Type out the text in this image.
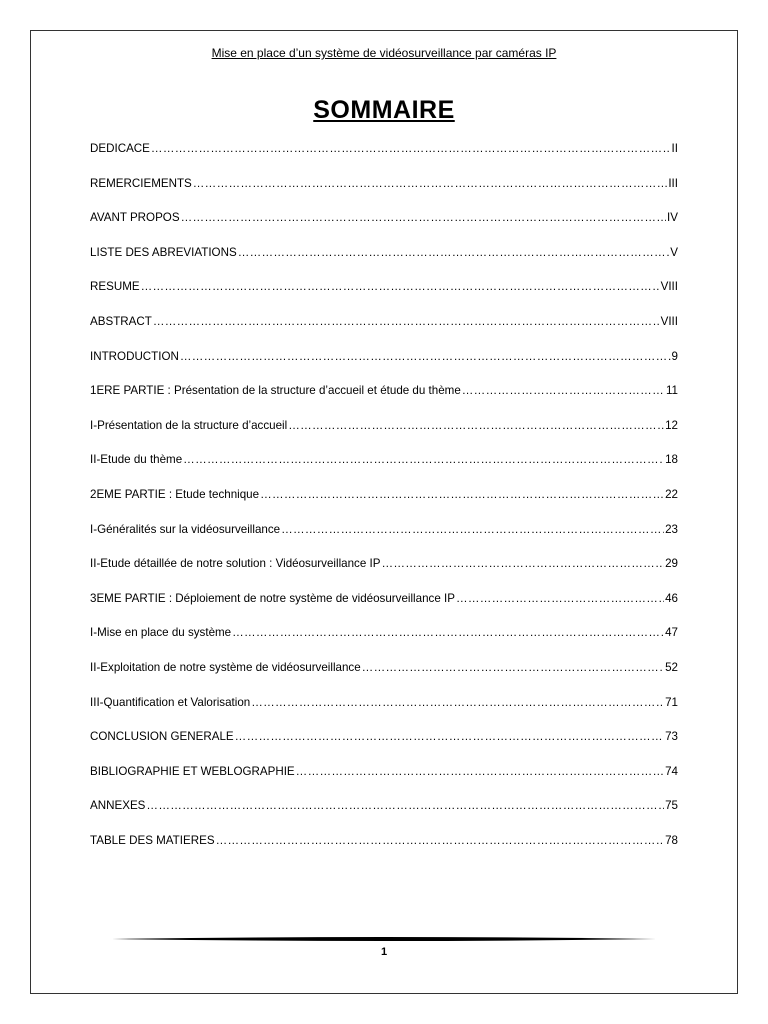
Mise en place d’un système de vidéosurveillance par caméras IP
SOMMAIRE
DEDICACE ……………………………………………………………………………………………………………………………………………………………………………………………………………………	II
REMERCIEMENTS ……………………………………………………………………………………………………………………………………………………………………………………………………………………	III
AVANT PROPOS ……………………………………………………………………………………………………………………………………………………………………………………………………………………	IV
LISTE DES ABREVIATIONS ……………………………………………………………………………………………………………………………………………………………………………………………………………………	V
RESUME ……………………………………………………………………………………………………………………………………………………………………………………………………………………	VIII
ABSTRACT ……………………………………………………………………………………………………………………………………………………………………………………………………………………	VIII
INTRODUCTION ……………………………………………………………………………………………………………………………………………………………………………………………………………………	9
1ERE PARTIE : Présentation de la structure d’accueil et étude du thème ……………………………………………………………………………………………………………………………………………………………………………………………………………………	11
I-Présentation de la structure d’accueil ……………………………………………………………………………………………………………………………………………………………………………………………………………………	12
II-Etude du thème ……………………………………………………………………………………………………………………………………………………………………………………………………………………	18
2EME PARTIE : Etude technique ……………………………………………………………………………………………………………………………………………………………………………………………………………………	22
I-Généralités sur la vidéosurveillance ……………………………………………………………………………………………………………………………………………………………………………………………………………………	23
II-Etude détaillée de notre solution : Vidéosurveillance IP ……………………………………………………………………………………………………………………………………………………………………………………………………………………	29
3EME PARTIE : Déploiement de notre système de vidéosurveillance IP ……………………………………………………………………………………………………………………………………………………………………………………………………………………	46
I-Mise en place du système ……………………………………………………………………………………………………………………………………………………………………………………………………………………	47
II-Exploitation de notre système de vidéosurveillance ……………………………………………………………………………………………………………………………………………………………………………………………………………………	52
III-Quantification et Valorisation ……………………………………………………………………………………………………………………………………………………………………………………………………………………	71
CONCLUSION GENERALE ……………………………………………………………………………………………………………………………………………………………………………………………………………………	73
BIBLIOGRAPHIE ET WEBLOGRAPHIE ……………………………………………………………………………………………………………………………………………………………………………………………………………………	74
ANNEXES ……………………………………………………………………………………………………………………………………………………………………………………………………………………	75
TABLE DES MATIERES ……………………………………………………………………………………………………………………………………………………………………………………………………………………	78
1
